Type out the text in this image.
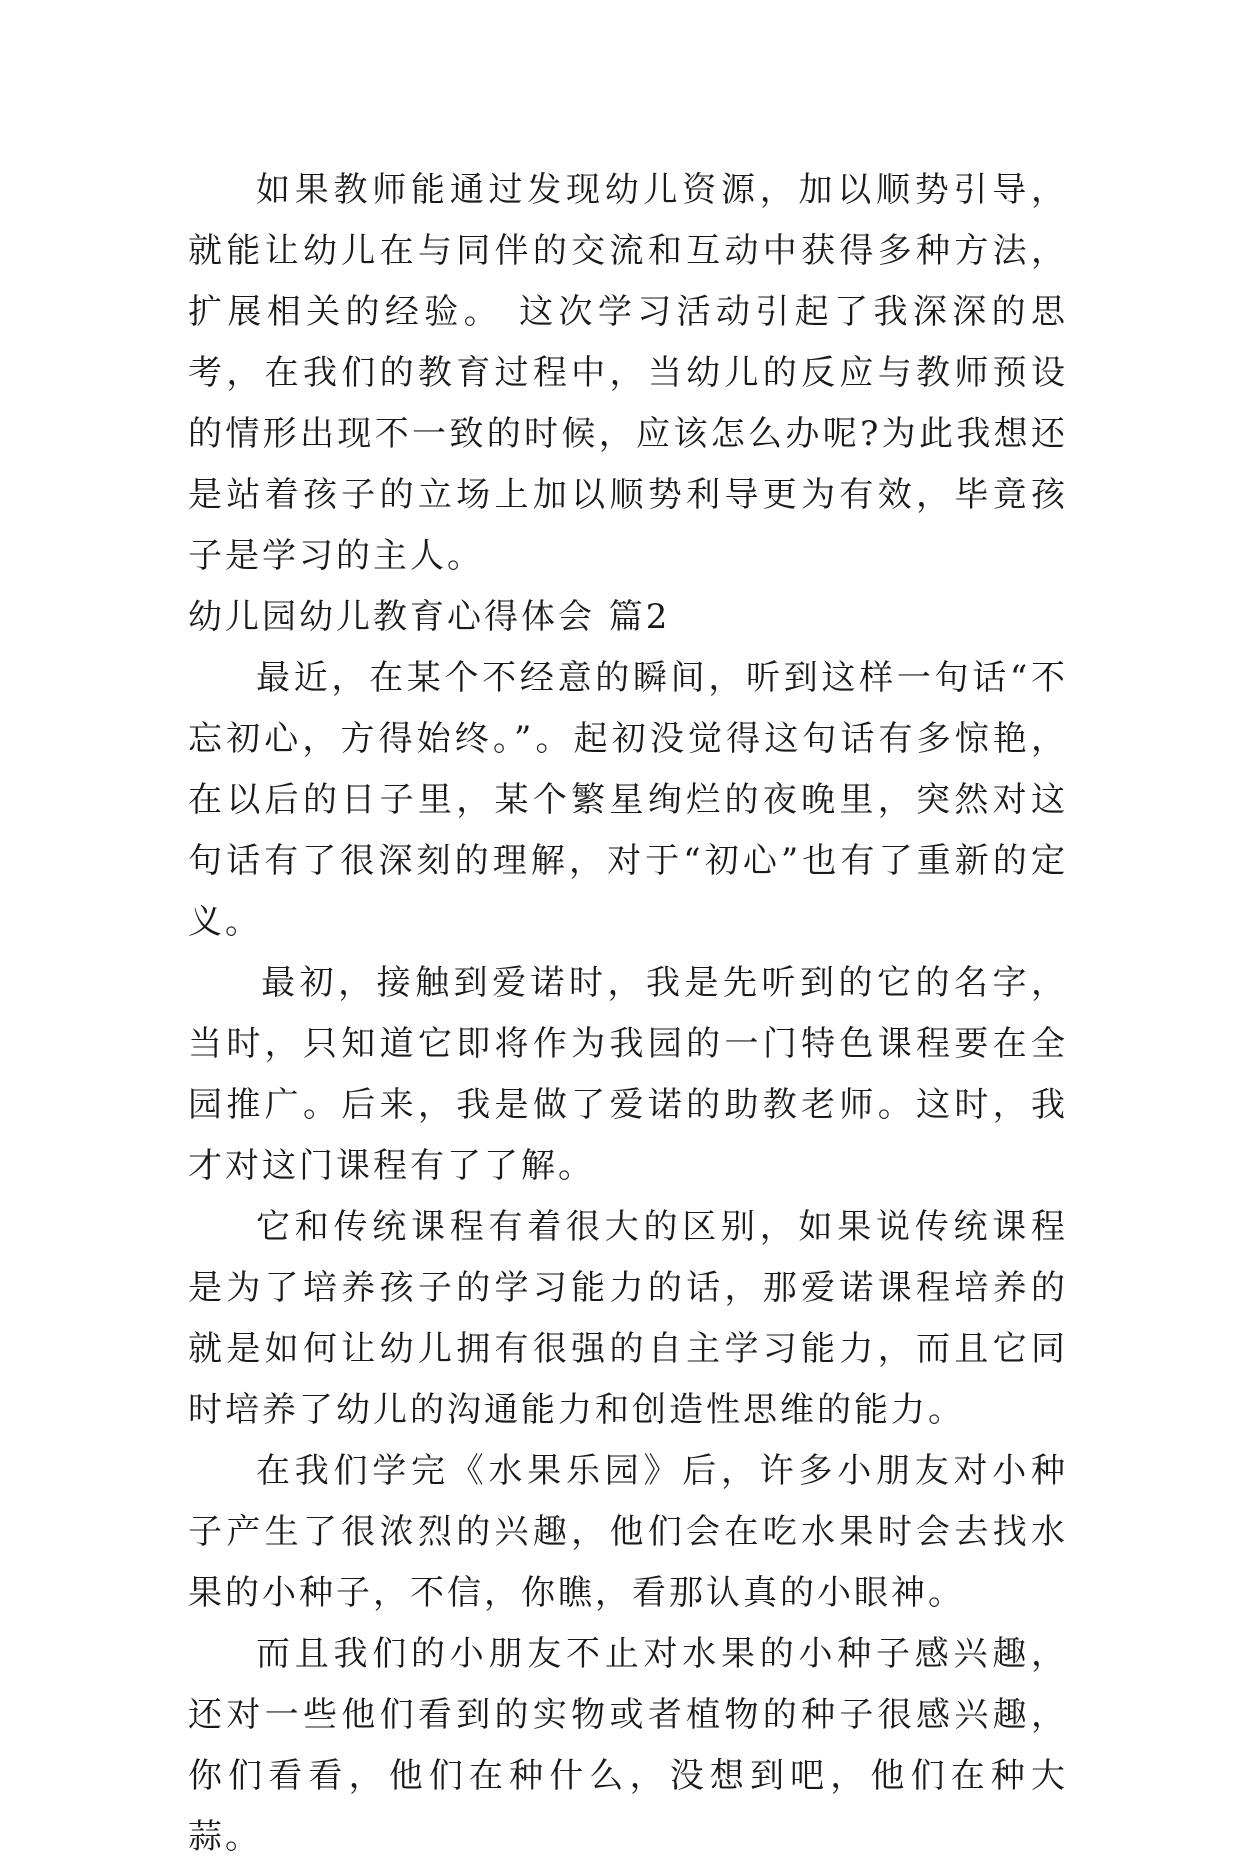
如果教师能通过发现幼儿资源，加以顺势引导，就能让幼儿在与同伴的交流和互动中获得多种方法，扩展相关的经验。 这次学习活动引起了我深深的思考，在我们的教育过程中，当幼儿的反应与教师预设的情形出现不一致的时候，应该怎么办呢?为此我想还是站着孩子的立场上加以顺势利导更为有效，毕竟孩子是学习的主人。

幼儿园幼儿教育心得体会 篇2

最近，在某个不经意的瞬间，听到这样一句话“不忘初心，方得始终。”。起初没觉得这句话有多惊艳，在以后的日子里，某个繁星绚烂的夜晚里，突然对这句话有了很深刻的理解，对于“初心”也有了重新的定义。

最初，接触到爱诺时，我是先听到的它的名字，当时，只知道它即将作为我园的一门特色课程要在全园推广。后来，我是做了爱诺的助教老师。这时，我才对这门课程有了了解。

它和传统课程有着很大的区别，如果说传统课程是为了培养孩子的学习能力的话，那爱诺课程培养的就是如何让幼儿拥有很强的自主学习能力，而且它同时培养了幼儿的沟通能力和创造性思维的能力。

在我们学完《水果乐园》后，许多小朋友对小种子产生了很浓烈的兴趣，他们会在吃水果时会去找水果的小种子，不信，你瞧，看那认真的小眼神。

而且我们的小朋友不止对水果的小种子感兴趣，还对一些他们看到的实物或者植物的种子很感兴趣，你们看看，他们在种什么，没想到吧，他们在种大蒜。
